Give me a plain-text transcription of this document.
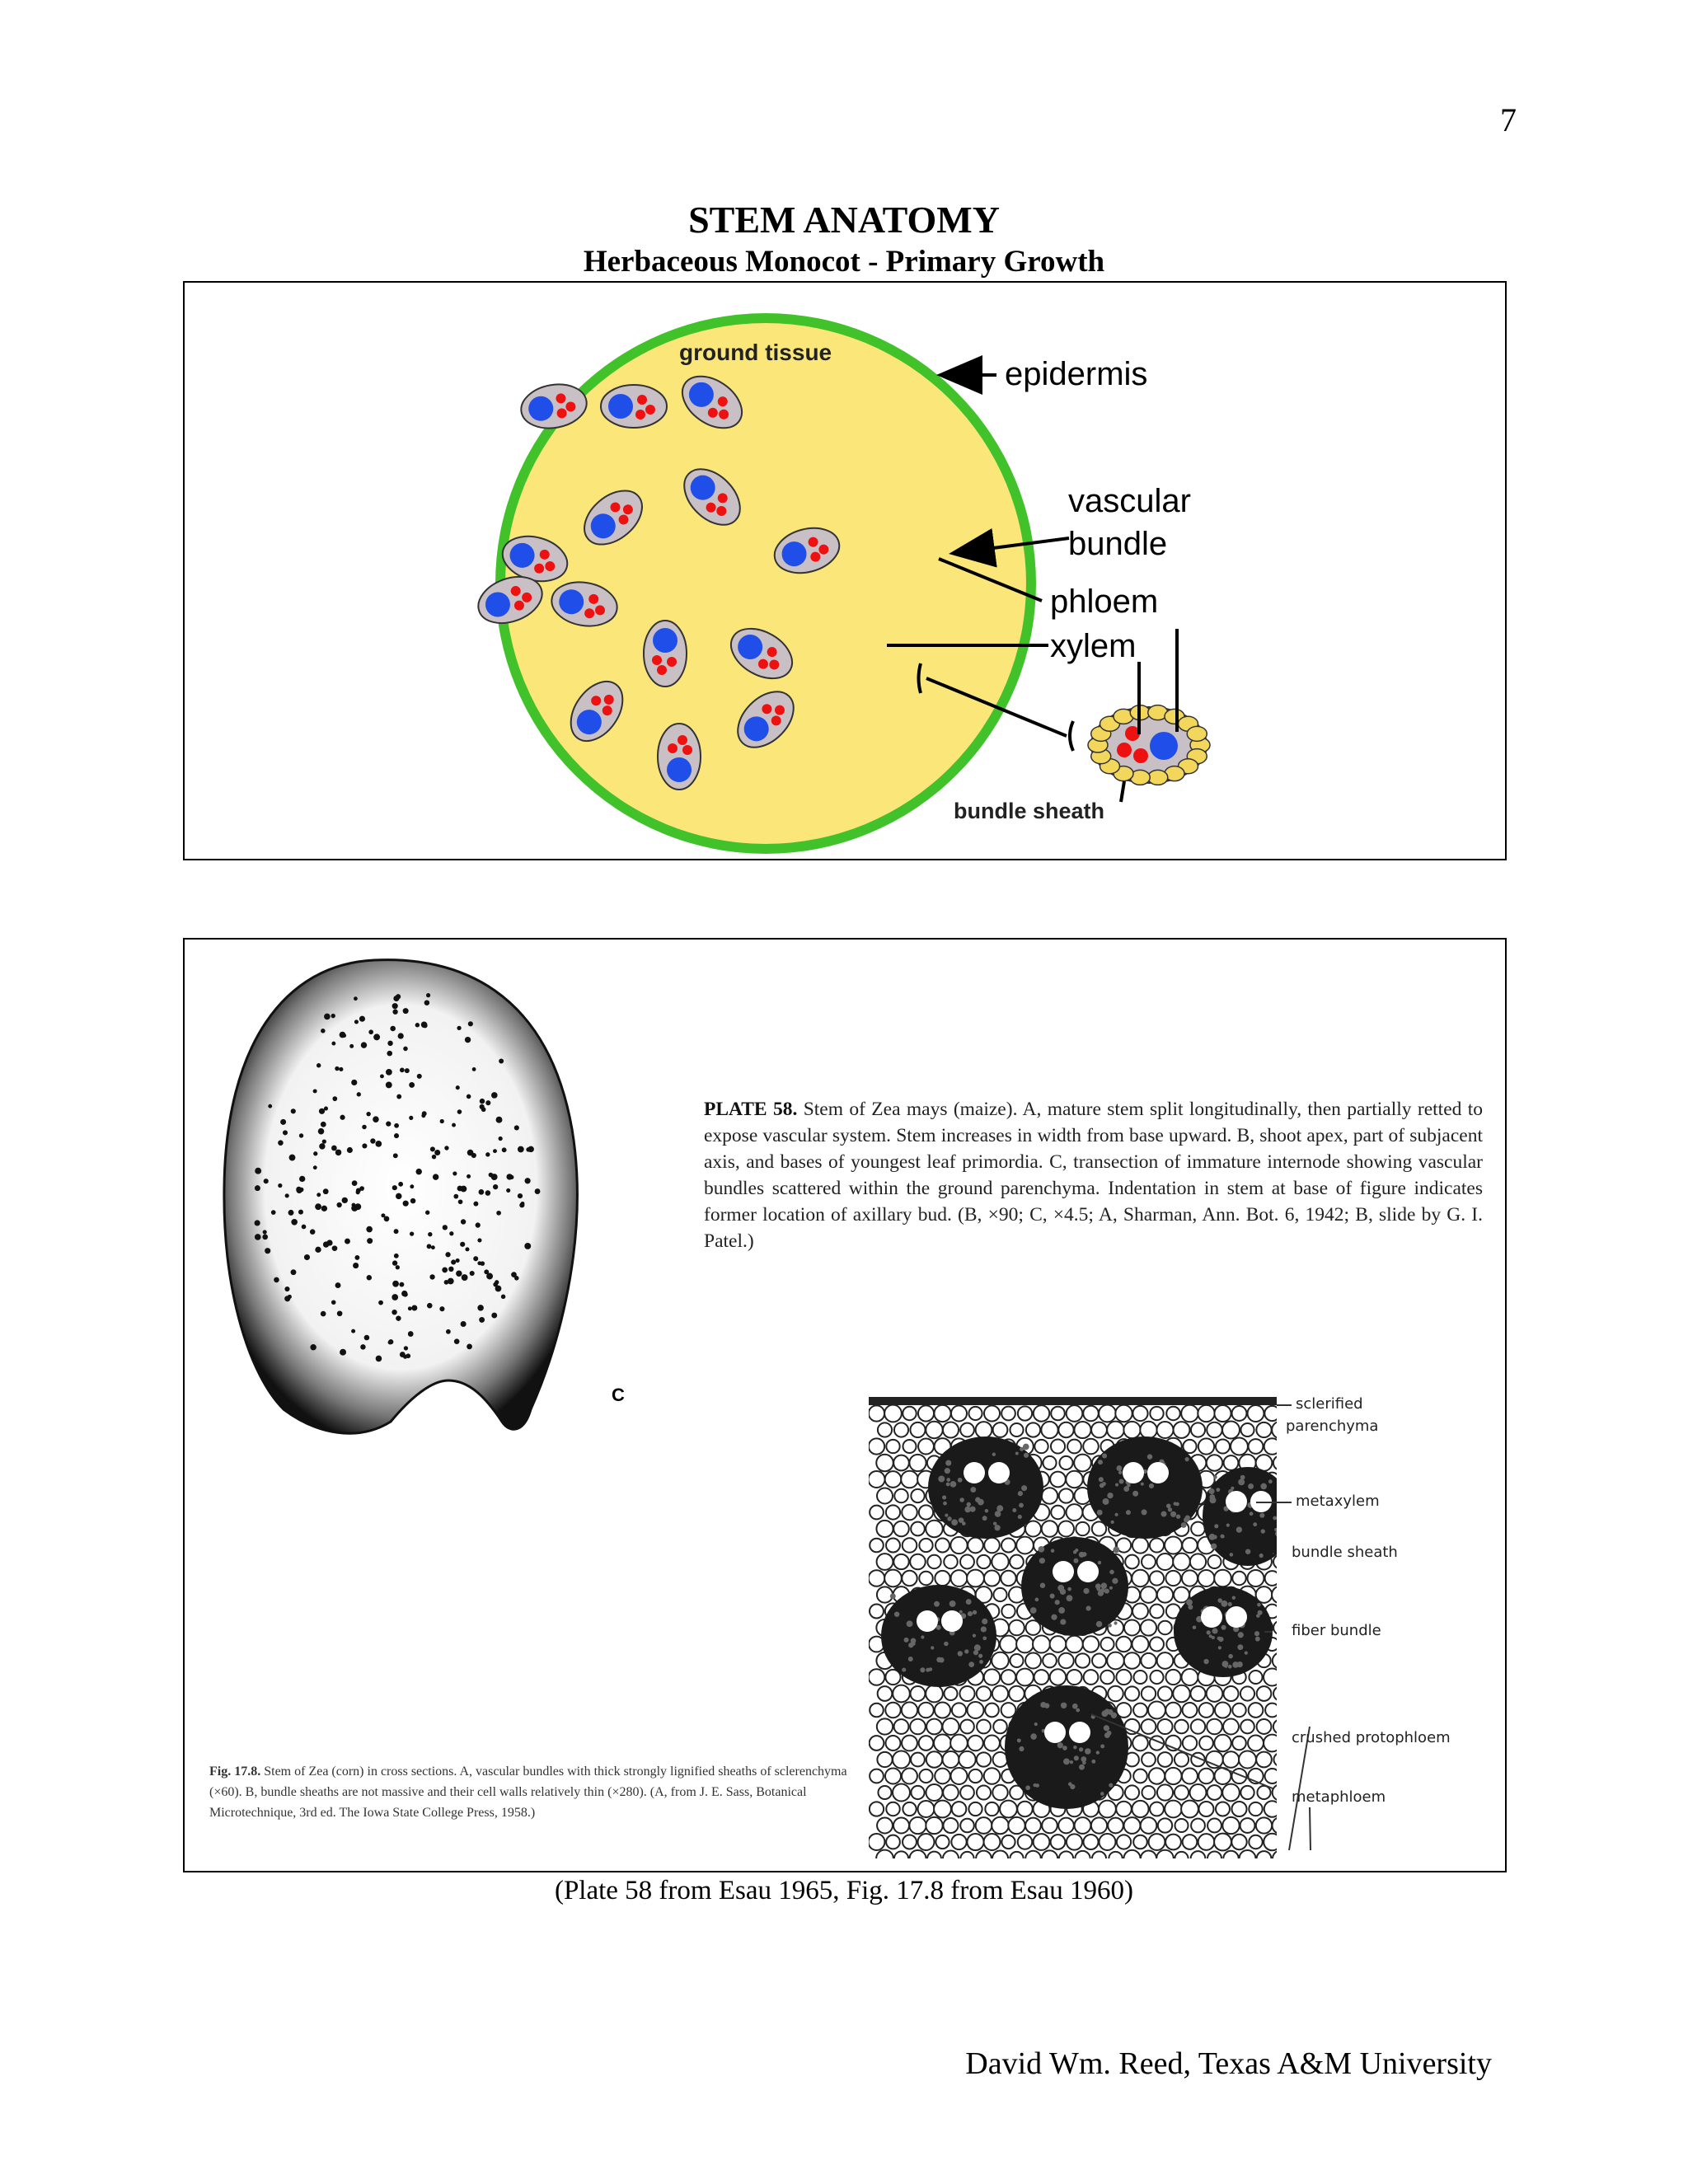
7
STEM ANATOMY
Herbaceous Monocot - Primary Growth
ground tissue
epidermis
vascular
bundle
phloem
xylem
bundle sheath
C
PLATE 58. Stem of Zea mays (maize). A, mature stem split longitudinally, then partially retted to expose vascular system. Stem increases in width from base upward. B, shoot apex, part of subjacent axis, and bases of youngest leaf primordia. C, transection of immature internode showing vascular bundles scattered within the ground parenchyma. Indentation in stem at base of figure indicates former location of axillary bud. (B, ×90; C, ×4.5; A, Sharman, Ann. Bot. 6, 1942; B, slide by G. I. Patel.)
Fig. 17.8. Stem of Zea (corn) in cross sections. A, vascular bundles with thick strongly lignified sheaths of sclerenchyma (×60). B, bundle sheaths are not massive and their cell walls relatively thin (×280). (A, from J. E. Sass, Botanical Microtechnique, 3rd ed. The Iowa State College Press, 1958.)
sclerified
parenchyma
metaxylem
bundle sheath
fiber bundle
crushed protophloem
metaphloem
(Plate 58 from Esau 1965, Fig. 17.8 from Esau 1960)
David Wm. Reed, Texas A&M University
